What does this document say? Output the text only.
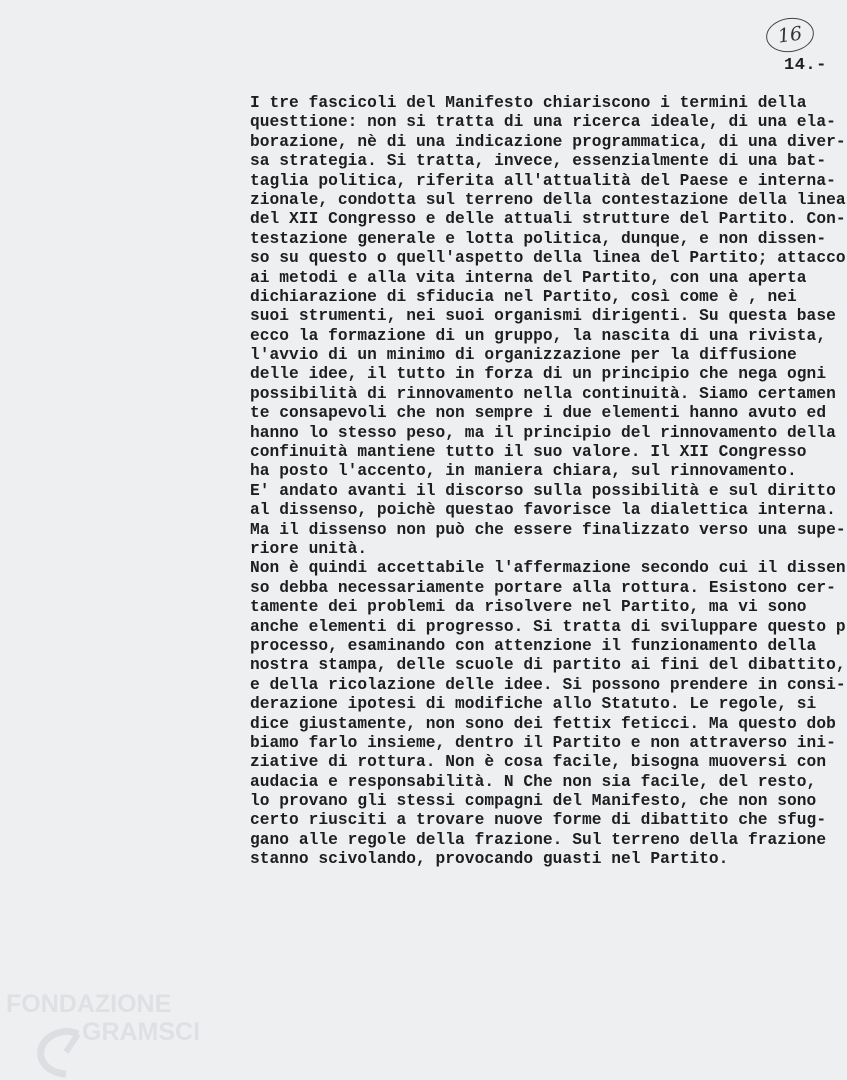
16
14.-
I tre fascicoli del Manifesto chiariscono i termini della
questtione: non si tratta di una ricerca ideale, di una ela-
borazione, nè di una indicazione programmatica, di una diver-
sa strategia. Si tratta, invece, essenzialmente di una bat-
taglia politica, riferita all'attualità del Paese e interna-
zionale, condotta sul terreno della contestazione della linea
del XII Congresso e delle attuali strutture del Partito. Con-
testazione generale e lotta politica, dunque, e non dissen-
so su questo o quell'aspetto della linea del Partito; attacco
ai metodi e alla vita interna del Partito, con una aperta
dichiarazione di sfiducia nel Partito, così come è , nei
suoi strumenti, nei suoi organismi dirigenti. Su questa base
ecco la formazione di un gruppo, la nascita di una rivista,
l'avvio di un minimo di organizzazione per la diffusione
delle idee, il tutto in forza di un principio che nega ogni
possibilità di rinnovamento nella continuità. Siamo certamen
te consapevoli che non sempre i due elementi hanno avuto ed
hanno lo stesso peso, ma il principio del rinnovamento della
confinuità mantiene tutto il suo valore. Il XII Congresso
ha posto l'accento, in maniera chiara, sul rinnovamento.
E' andato avanti il discorso sulla possibilità e sul diritto
al dissenso, poichè questao favorisce la dialettica interna.
Ma il dissenso non può che essere finalizzato verso una supe-
riore unità.
Non è quindi accettabile l'affermazione secondo cui il dissen
so debba necessariamente portare alla rottura. Esistono cer-
tamente dei problemi da risolvere nel Partito, ma vi sono
anche elementi di progresso. Si tratta di sviluppare questo p
processo, esaminando con attenzione il funzionamento della
nostra stampa, delle scuole di partito ai fini del dibattito,
e della ricolazione delle idee. Si possono prendere in consi-
derazione ipotesi di modifiche allo Statuto. Le regole, si
dice giustamente, non sono dei fettix feticci. Ma questo dob
biamo farlo insieme, dentro il Partito e non attraverso ini-
ziative di rottura. Non è cosa facile, bisogna muoversi con
audacia e responsabilità. N Che non sia facile, del resto,
lo provano gli stessi compagni del Manifesto, che non sono
certo riusciti a trovare nuove forme di dibattito che sfug-
gano alle regole della frazione. Sul terreno della frazione
stanno scivolando, provocando guasti nel Partito.
FONDAZIONE
GRAMSCI
